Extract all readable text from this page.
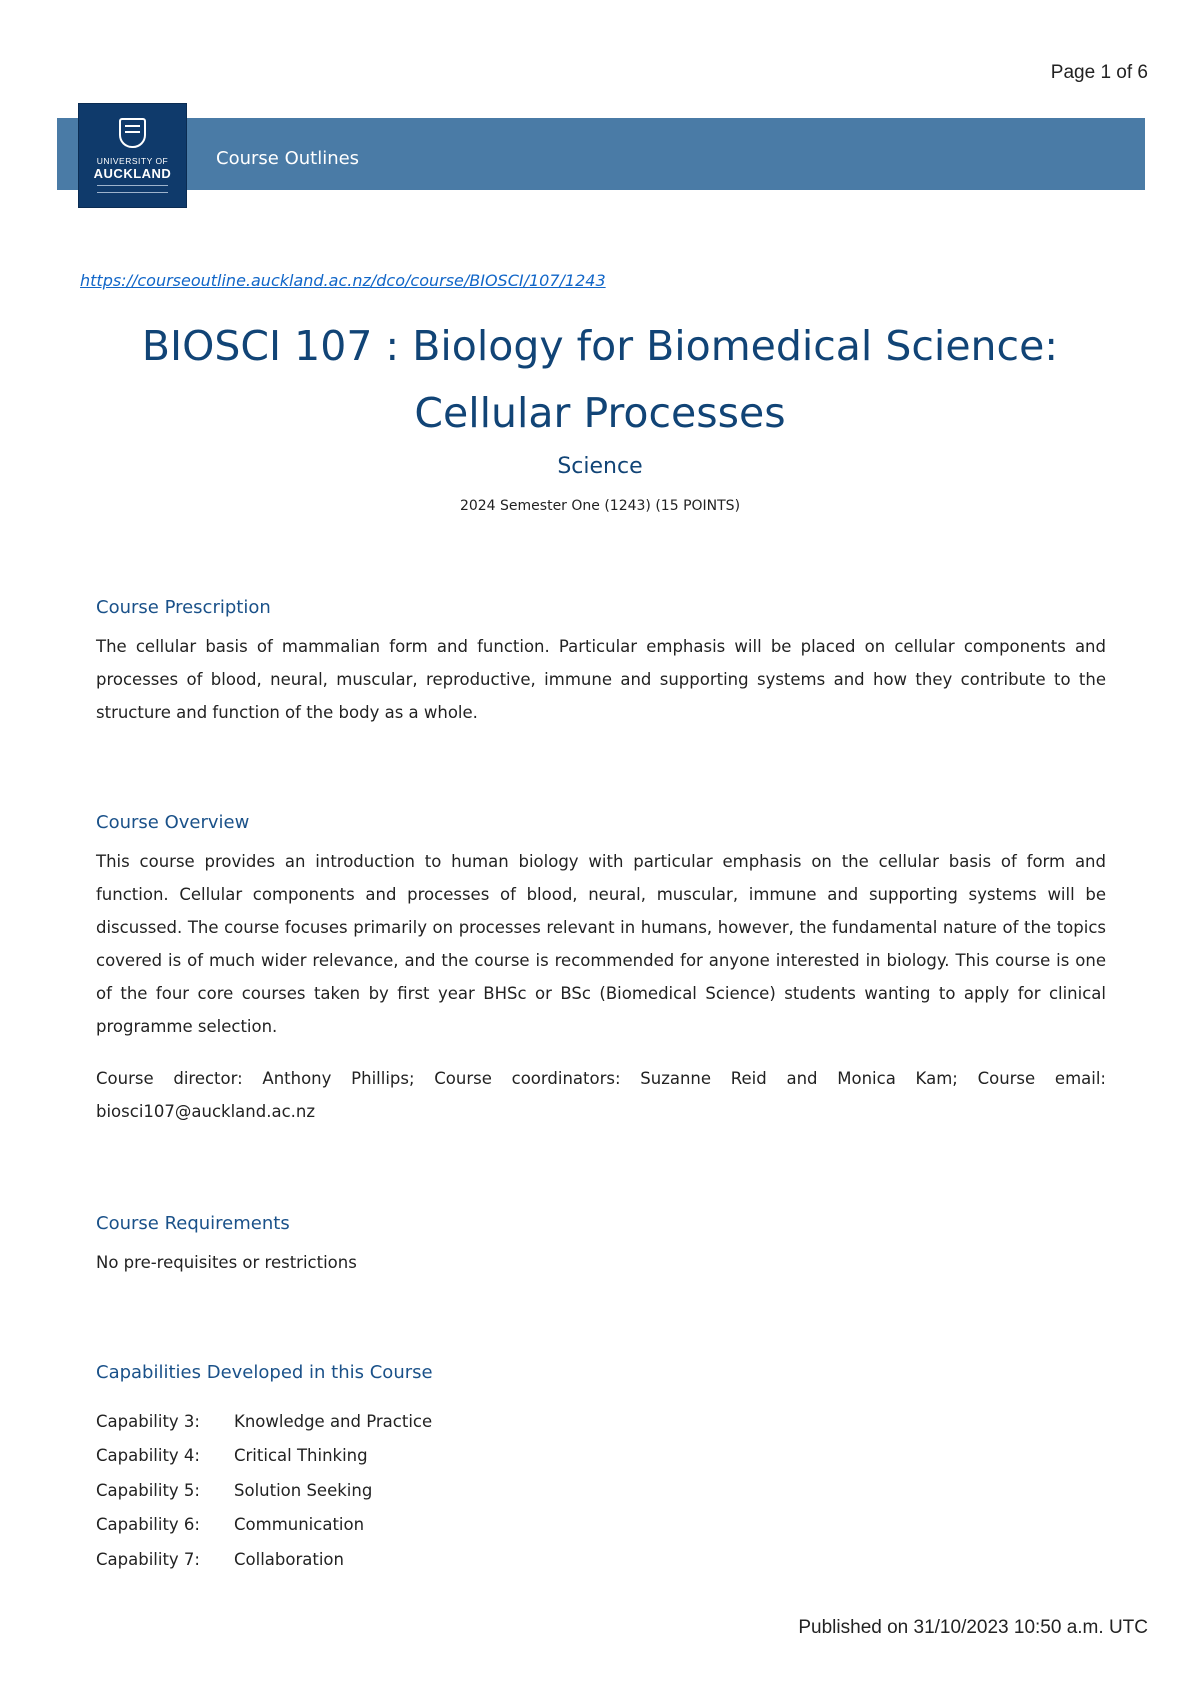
Page 1 of 6
UNIVERSITY OF
AUCKLAND
Course Outlines
https://courseoutline.auckland.ac.nz/dco/course/BIOSCI/107/1243
BIOSCI 107 : Biology for Biomedical Science:
Cellular Processes
Science
2024 Semester One (1243) (15 POINTS)
Course Prescription

The cellular basis of mammalian form and function. Particular emphasis will be placed on cellular components and processes of blood, neural, muscular, reproductive, immune and supporting systems and how they contribute to the structure and function of the body as a whole.

Course Overview

This course provides an introduction to human biology with particular emphasis on the cellular basis of form and function. Cellular components and processes of blood, neural, muscular, immune and supporting systems will be discussed. The course focuses primarily on processes relevant in humans, however, the fundamental nature of the topics covered is of much wider relevance, and the course is recommended for anyone interested in biology. This course is one of the four core courses taken by first year BHSc or BSc (Biomedical Science) students wanting to apply for clinical programme selection.

Course director: Anthony Phillips; Course coordinators: Suzanne Reid and Monica Kam; Course email: biosci107@auckland.ac.nz

Course Requirements

No pre-requisites or restrictions

Capabilities Developed in this Course
Capability 3:	Knowledge and Practice
Capability 4:	Critical Thinking
Capability 5:	Solution Seeking
Capability 6:	Communication
Capability 7:	Collaboration
Published on 31/10/2023 10:50 a.m. UTC
